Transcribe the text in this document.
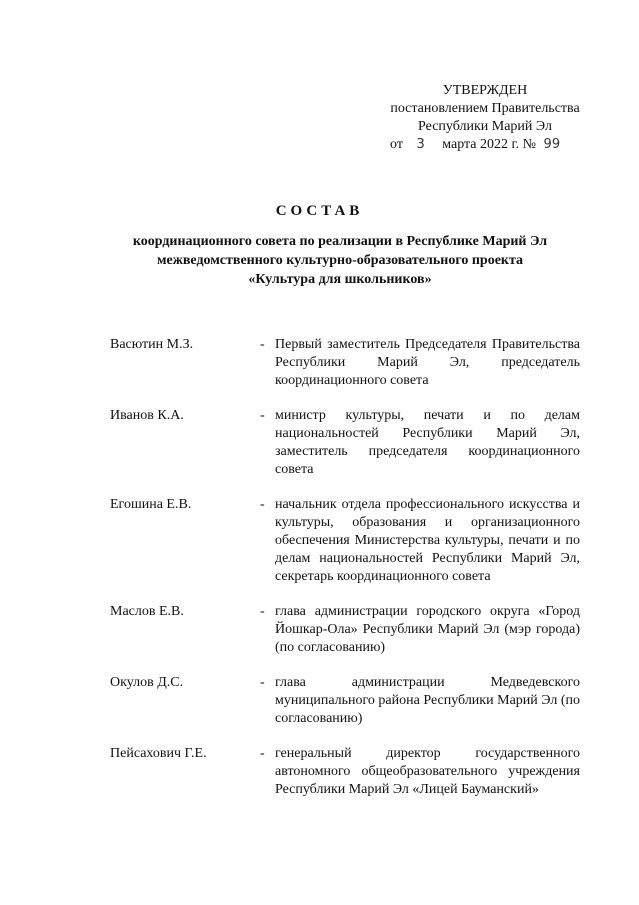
УТВЕРЖДЕН
постановлением Правительства
Республики Марий Эл
от 3 марта 2022 г. № 99
СОСТАВ
координационного совета по реализации в Республике Марий Эл
межведомственного культурно-образовательного проекта
«Культура для школьников»
Васютин М.З.	- Первый заместитель Председателя Правительства Республики Марий Эл, председатель координационного совета
Иванов К.А.	- министр культуры, печати и по делам национальностей Республики Марий Эл, заместитель председателя координационного совета
Егошина Е.В.	- начальник отдела профессионального искусства и культуры, образования и организационного обеспечения Министерства культуры, печати и по делам национальностей Республики Марий Эл, секретарь координационного совета
Маслов Е.В.	- глава администрации городского округа «Город Йошкар-Ола» Республики Марий Эл (мэр города) (по согласованию)
Окулов Д.С.	- глава администрации Медведевского муниципального района Республики Марий Эл (по согласованию)
Пейсахович Г.Е.	- генеральный директор государственного автономного общеобразовательного учреждения Республики Марий Эл «Лицей Бауманский»
